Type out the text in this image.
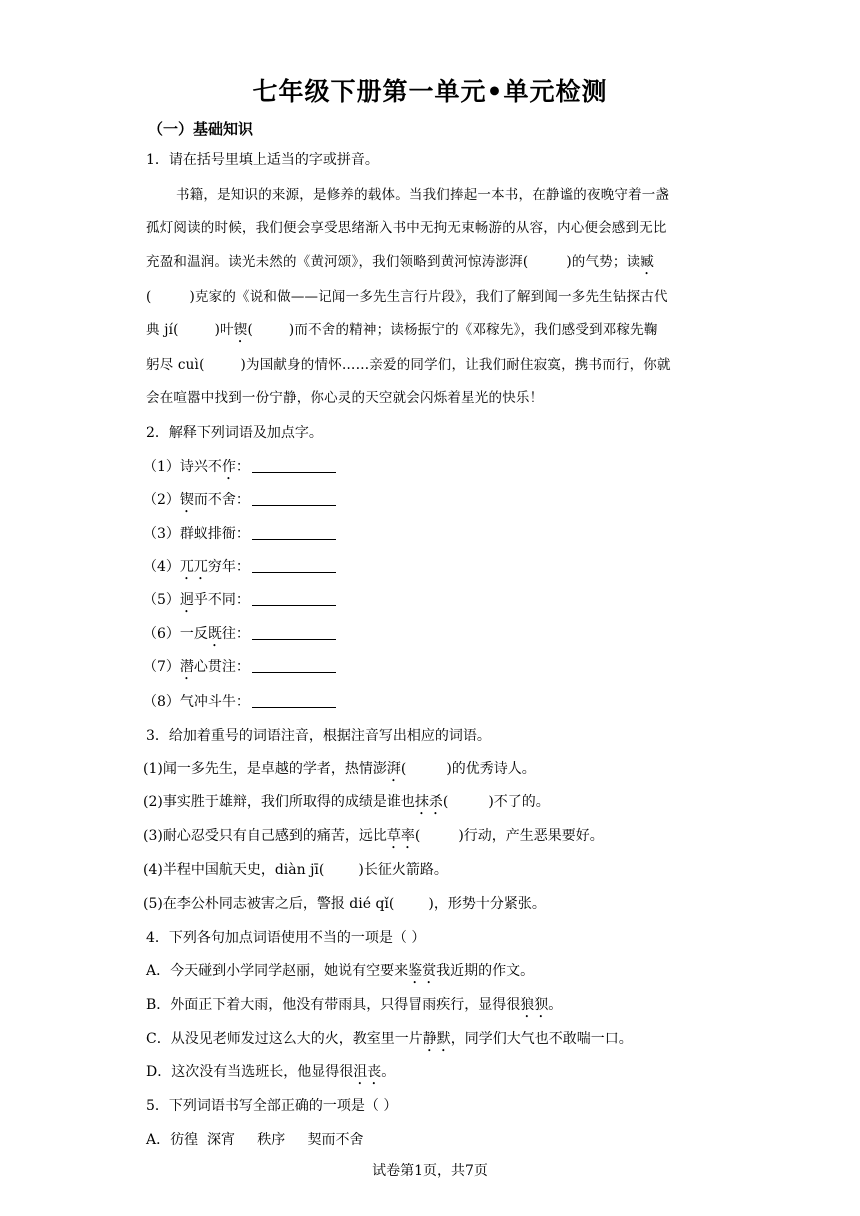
七年级下册第一单元•单元检测
（一）基础知识
1．请在括号里填上适当的字或拼音。
书籍，是知识的来源，是修养的载体。当我们捧起一本书，在静谧的夜晚守着一盏
孤灯阅读的时候，我们便会享受思绪渐入书中无拘无束畅游的从容，内心便会感到无比
充盈和温润。读光未然的《黄河颂》，我们领略到黄河惊涛澎湃(	)的气势；读臧
(	)克家的《说和做——记闻一多先生言行片段》，我们了解到闻一多先生钻探古代
典 jí(	)叶锲(	)而不舍的精神；读杨振宁的《邓稼先》，我们感受到邓稼先鞠
躬尽 cuì(	)为国献身的情怀……亲爱的同学们，让我们耐住寂寞，携书而行，你就
会在喧嚣中找到一份宁静，你心灵的天空就会闪烁着星光的快乐！
2．解释下列词语及加点字。
（1）诗兴不作：
（2）锲而不舍：
（3）群蚁排衙：
（4）兀兀穷年：
（5）迥乎不同：
（6）一反既往：
（7）潜心贯注：
（8）气冲斗牛：
3．给加着重号的词语注音，根据注音写出相应的词语。
(1)闻一多先生，是卓越的学者，热情澎湃(	)的优秀诗人。
(2)事实胜于雄辩，我们所取得的成绩是谁也抹杀(	)不了的。
(3)耐心忍受只有自己感到的痛苦，远比草率(	)行动，产生恶果要好。
(4)半程中国航天史，diàn jī( )长征火箭路。
(5)在李公朴同志被害之后，警报 dié qǐ( )，形势十分紧张。
4．下列各句加点词语使用不当的一项是（ ）
A．今天碰到小学同学赵丽，她说有空要来鉴赏我近期的作文。
B．外面正下着大雨，他没有带雨具，只得冒雨疾行，显得很狼狈。
C．从没见老师发过这么大的火，教室里一片静默，同学们大气也不敢喘一口。
D．这次没有当选班长，他显得很沮丧。
5．下列词语书写全部正确的一项是（ ）
A．彷徨  深宵     秩序     契而不舍
试卷第1页，共7页
